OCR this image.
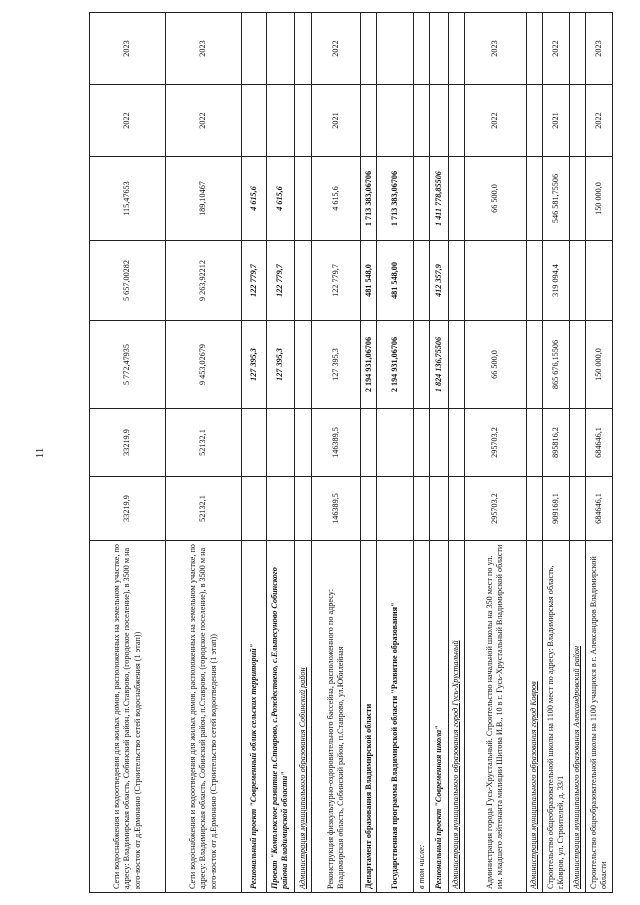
11
Сети водоснабжения и водоотведения для жилых домов, расположенных на земельном участке, по адресу: Владимирская область, Собинский район, п.Ставрово, (городское поселение), в 3500 м на юго-восток от д.Ермонино (Строительство сетей водоснабжения (1 этап))	33219,9	33219,9	5 772,47935	5 657,00282	115,47653	2022	2023
Сети водоснабжения и водоотведения для жилых домов, расположенных на земельном участке, по адресу: Владимирская область, Собинский район, п.Ставрово, (городское поселение), в 3500 м на юго-восток от д.Ермонино (Строительство сетей водоотведения (1 этап))	52132,1	52132,1	9 453,02679	9 263,92212	189,10467	2022	2023
Региональный проект "Современный облик сельских территорий"			127 395,3	122 779,7	4 615,6		
Проект "Комплексное развитие п.Ставрово, с.Рождествено, с.Ельтесуново Собинского района Владимирской области"			127 395,3	122 779,7	4 615,6		
Администрация муниципального образования Собинский район							
Реконструкция физкультурно-оздоровительного бассейна, расположенного по адресу: Владимирская область, Собинский район, п.Ставрово, ул.Юбилейная	146389,5	146389,5	127 395,3	122 779,7	4 615,6	2021	2022
Департамент образования Владимирской области			2 194 931,06706	481 548,0	1 713 383,06706		
Государственная программа Владимирской области "Развитие образования"			2 194 931,06706	481 548,00	1 713 383,06706		
в том числе:							
Региональный проект "Современная школа"			1 824 136,75506	412 357,9	1 411 778,85506		
Администрация муниципального образования город Гусь-Хрустальный							
Администрация города Гусь-Хрустальный. Строительство начальной школы на 350 мест по ул. им. младшего лейтенанта милиции Шитова И.В., 10 в г. Гусь-Хрустальный Владимирской области	295703,2	295703,2	66 500,0		66 500,0	2022	2023
Администрация муниципального образования город Ковров							
Строительство общеобразовательной школы на 1100 мест по адресу: Владимирская область, г.Ковров, ул. Строителей, д. 33/1	909169,1	895816,2	865 676,15506	319 094,4	546 581,75506	2021	2022
Администрация муниципального образования Александровский район							
Строительство общеобразовательной школы на 1100 учащихся в г. Александров Владимирской области	684646,1	684646,1	150 000,0		150 000,0	2022	2023
